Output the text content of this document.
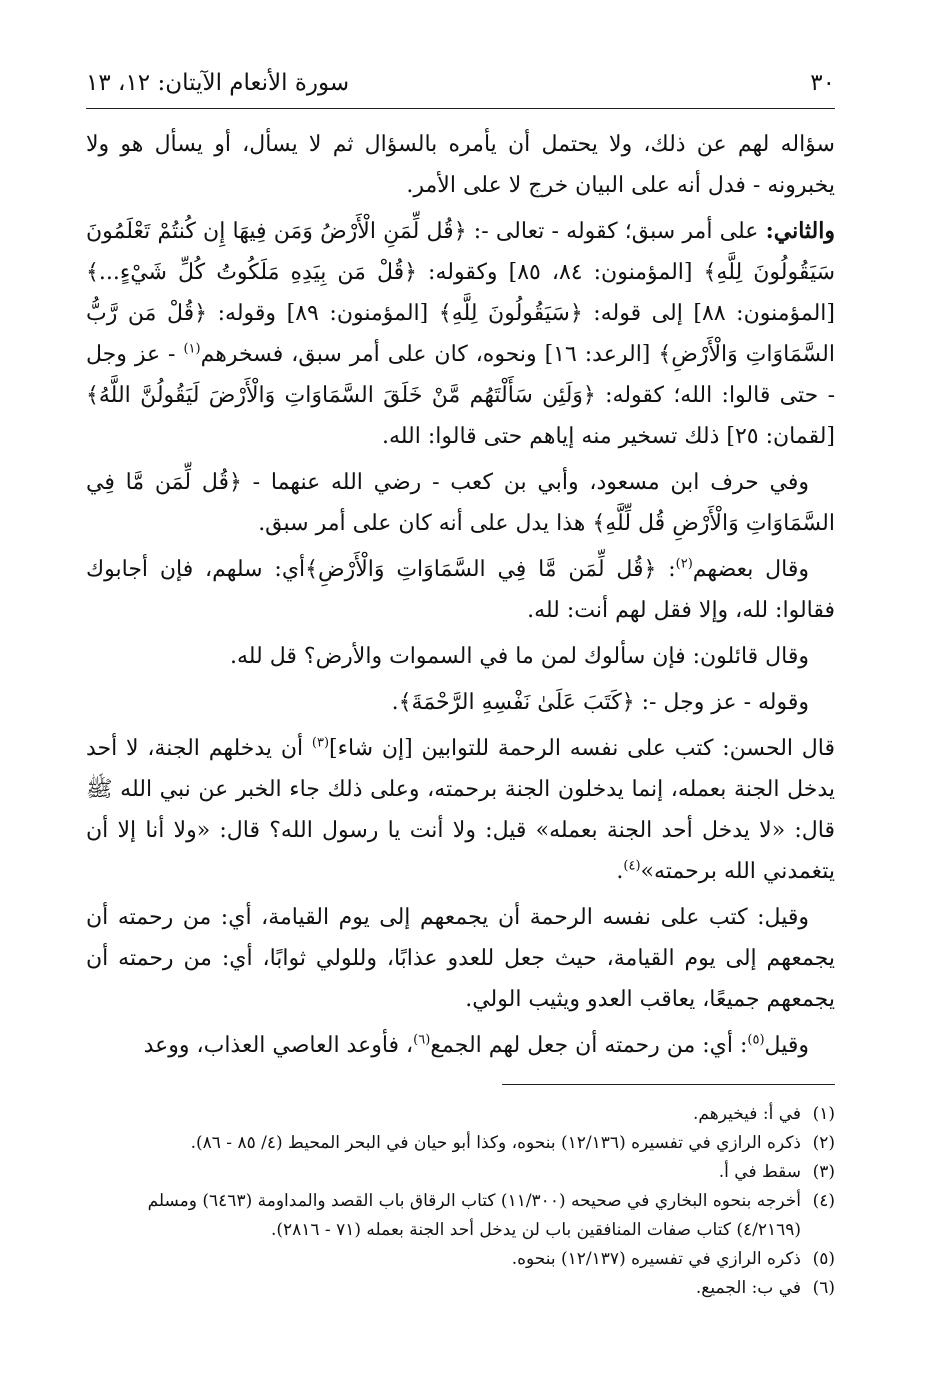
٣٠
سورة الأنعام الآيتان: ١٢، ١٣

سؤاله لهم عن ذلك، ولا يحتمل أن يأمره بالسؤال ثم لا يسأل، أو يسأل هو ولا يخبرونه - فدل أنه على البيان خرج لا على الأمر.

والثاني: على أمر سبق؛ كقوله - تعالى -: ﴿قُل لِّمَنِ الْأَرْضُ وَمَن فِيهَا إِن كُنتُمْ تَعْلَمُونَ سَيَقُولُونَ لِلَّهِ﴾ [المؤمنون: ٨٤، ٨٥] وكقوله: ﴿قُلْ مَن بِيَدِهِ مَلَكُوتُ كُلِّ شَيْءٍ...﴾ [المؤمنون: ٨٨] إلى قوله: ﴿سَيَقُولُونَ لِلَّهِ﴾ [المؤمنون: ٨٩] وقوله: ﴿قُلْ مَن رَّبُّ السَّمَاوَاتِ وَالْأَرْضِ﴾ [الرعد: ١٦] ونحوه، كان على أمر سبق، فسخرهم$^{(١)}$ - عز وجل - حتى قالوا: الله؛ كقوله: ﴿وَلَئِن سَأَلْتَهُم مَّنْ خَلَقَ السَّمَاوَاتِ وَالْأَرْضَ لَيَقُولُنَّ اللَّهُ﴾ [لقمان: ٢٥] ذلك تسخير منه إياهم حتى قالوا: الله.

وفي حرف ابن مسعود، وأبي بن كعب - رضي الله عنهما - ﴿قُل لِّمَن مَّا فِي السَّمَاوَاتِ وَالْأَرْضِ قُل لِّلَّهِ﴾ هذا يدل على أنه كان على أمر سبق.

وقال بعضهم$^{(٢)}$: ﴿قُل لِّمَن مَّا فِي السَّمَاوَاتِ وَالْأَرْضِ﴾أي: سلهم، فإن أجابوك فقالوا: لله، وإلا فقل لهم أنت: لله.

وقال قائلون: فإن سألوك لمن ما في السموات والأرض؟ قل لله.

وقوله - عز وجل -: ﴿كَتَبَ عَلَىٰ نَفْسِهِ الرَّحْمَةَ﴾.

قال الحسن: كتب على نفسه الرحمة للتوابين [إن شاء]$^{(٣)}$ أن يدخلهم الجنة، لا أحد يدخل الجنة بعمله، إنما يدخلون الجنة برحمته، وعلى ذلك جاء الخبر عن نبي الله ﷺ قال: «لا يدخل أحد الجنة بعمله» قيل: ولا أنت يا رسول الله؟ قال: «ولا أنا إلا أن يتغمدني الله برحمته»$^{(٤)}$.

وقيل: كتب على نفسه الرحمة أن يجمعهم إلى يوم القيامة، أي: من رحمته أن يجمعهم إلى يوم القيامة، حيث جعل للعدو عذابًا، وللولي ثوابًا، أي: من رحمته أن يجمعهم جميعًا، يعاقب العدو ويثيب الولي.

وقيل$^{(٥)}$: أي: من رحمته أن جعل لهم الجمع$^{(٦)}$، فأوعد العاصي العذاب، ووعد

(١)
في أ: فيخيرهم.
(٢)
ذكره الرازي في تفسيره (١٢/١٣٦) بنحوه، وكذا أبو حيان في البحر المحيط (٤/ ٨٥ - ٨٦).
(٣)
سقط في أ.
(٤)
أخرجه بنحوه البخاري في صحيحه (١١/٣٠٠) كتاب الرقاق باب القصد والمداومة (٦٤٦٣) ومسلم (٤/٢١٦٩) كتاب صفات المنافقين باب لن يدخل أحد الجنة بعمله (٧١ - ٢٨١٦).
(٥)
ذكره الرازي في تفسيره (١٢/١٣٧) بنحوه.
(٦)
في ب: الجميع.
